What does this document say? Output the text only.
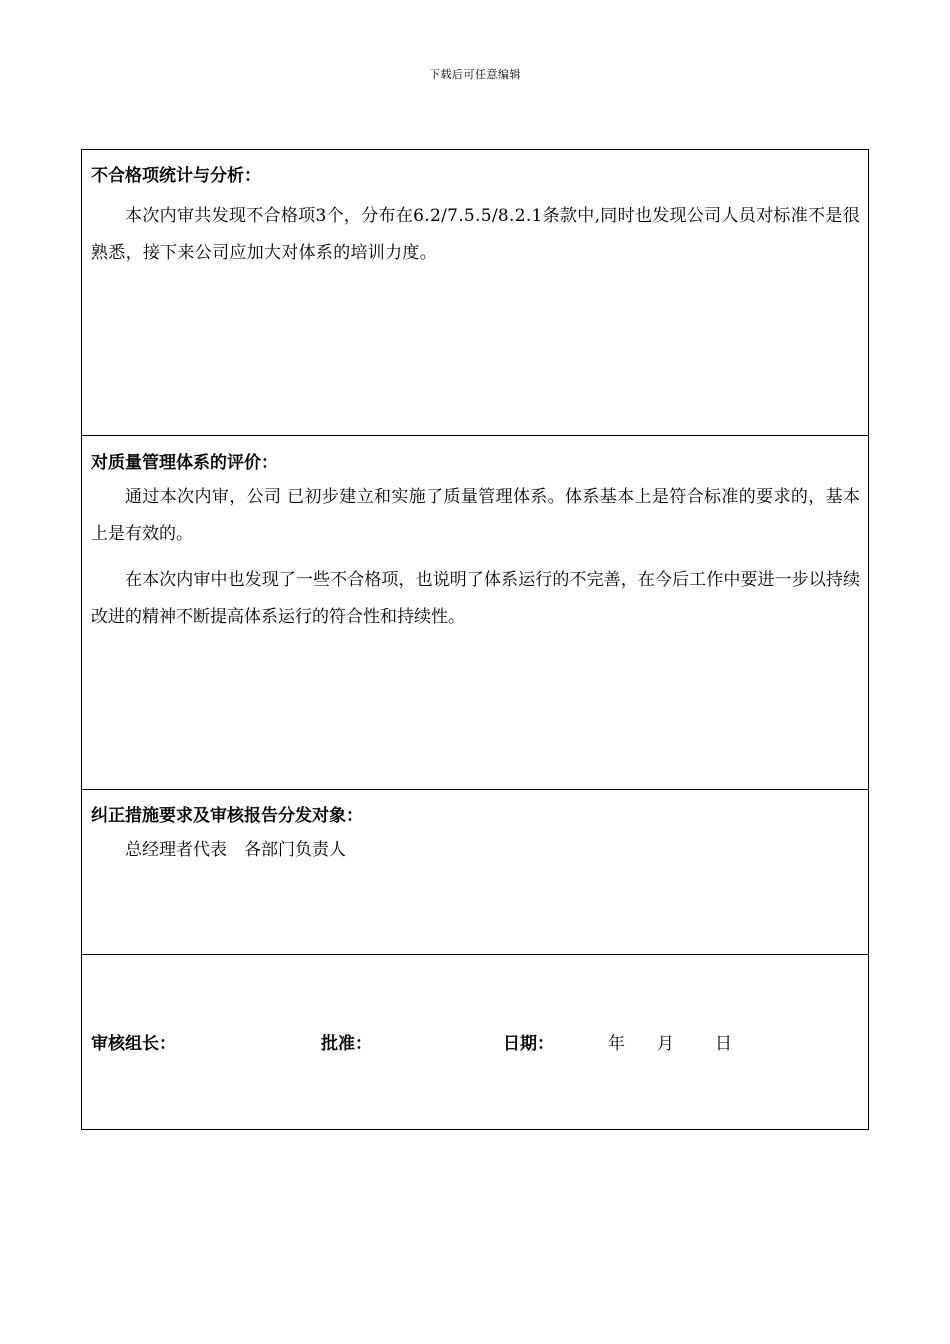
下载后可任意编辑
不合格项统计与分析：

本次内审共发现不合格项3个，分布在6.2/7.5.5/8.2.1条款中,同时也发现公司人员对标准不是很熟悉，接下来公司应加大对体系的培训力度。

对质量管理体系的评价：

通过本次内审，公司 已初步建立和实施了质量管理体系。体系基本上是符合标准的要求的，基本上是有效的。

在本次内审中也发现了一些不合格项，也说明了体系运行的不完善，在今后工作中要进一步以持续改进的精神不断提高体系运行的符合性和持续性。

纠正措施要求及审核报告分发对象：

总经理者代表　各部门负责人

审核组长：	批准：	日期：	年 月 日
